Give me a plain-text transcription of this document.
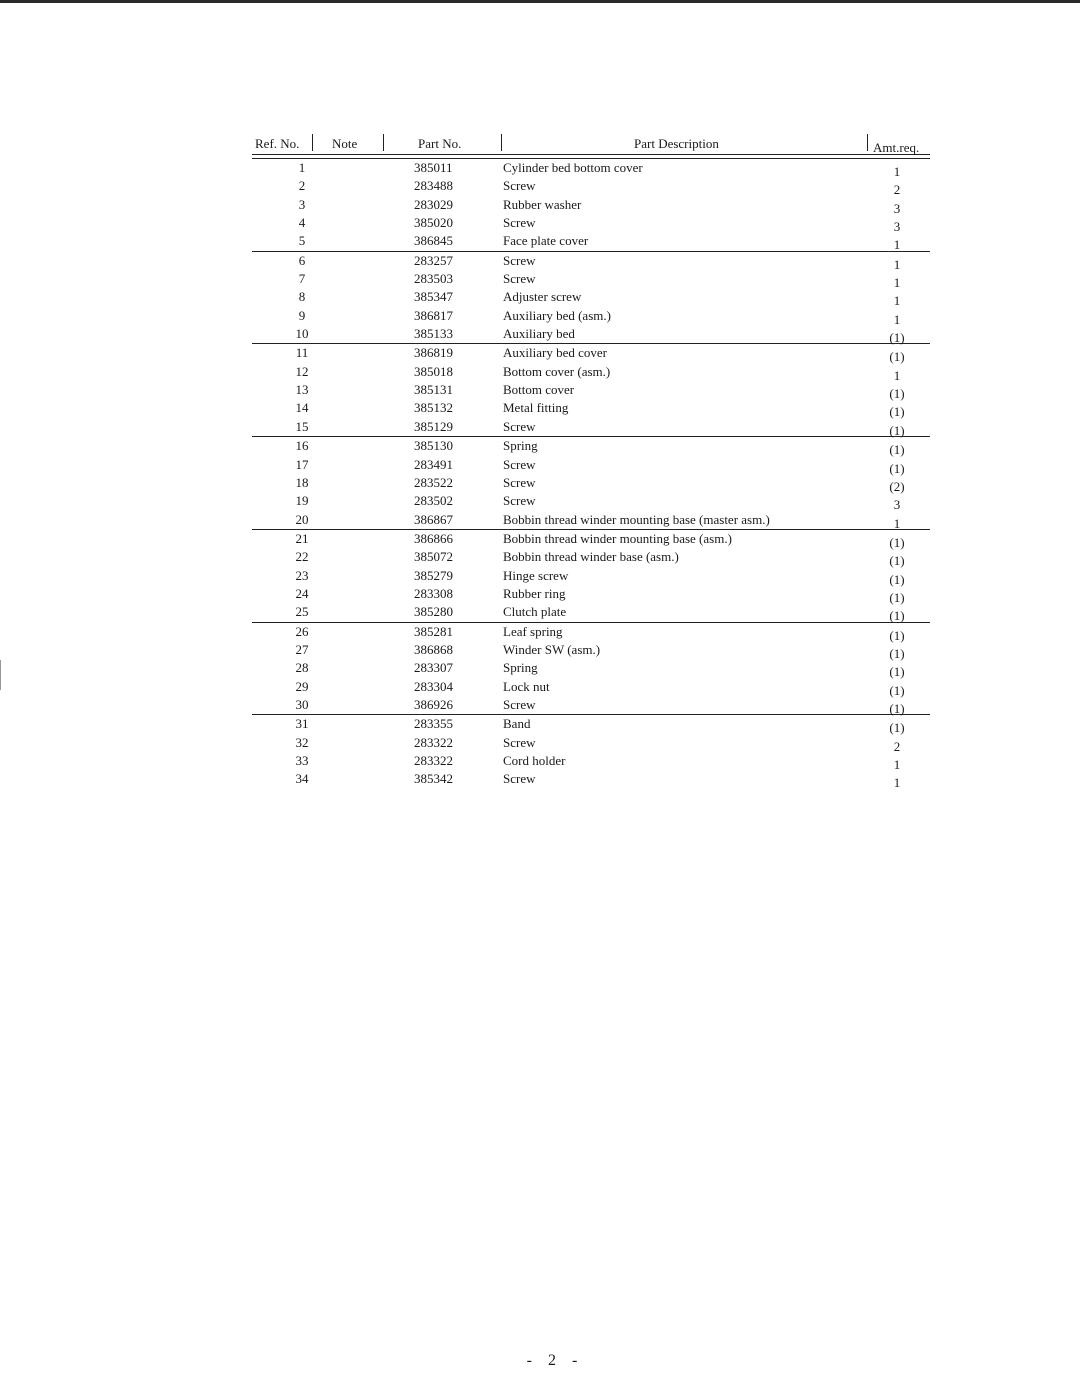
Ref. No.	Note	Part No.	Part Description	Amt.req.
1	385011	Cylinder bed bottom cover	1
2	283488	Screw	2
3	283029	Rubber washer	3
4	385020	Screw	3
5	386845	Face plate cover	1
6	283257	Screw	1
7	283503	Screw	1
8	385347	Adjuster screw	1
9	386817	Auxiliary bed (asm.)	1
10	385133	Auxiliary bed	(1)
11	386819	Auxiliary bed cover	(1)
12	385018	Bottom cover (asm.)	1
13	385131	Bottom cover	(1)
14	385132	Metal fitting	(1)
15	385129	Screw	(1)
16	385130	Spring	(1)
17	283491	Screw	(1)
18	283522	Screw	(2)
19	283502	Screw	3
20	386867	Bobbin thread winder mounting base (master asm.)	1
21	386866	Bobbin thread winder mounting base (asm.)	(1)
22	385072	Bobbin thread winder base (asm.)	(1)
23	385279	Hinge screw	(1)
24	283308	Rubber ring	(1)
25	385280	Clutch plate	(1)
26	385281	Leaf spring	(1)
27	386868	Winder SW (asm.)	(1)
28	283307	Spring	(1)
29	283304	Lock nut	(1)
30	386926	Screw	(1)
31	283355	Band	(1)
32	283322	Screw	2
33	283322	Cord holder	1
34	385342	Screw	1
- 2 -
